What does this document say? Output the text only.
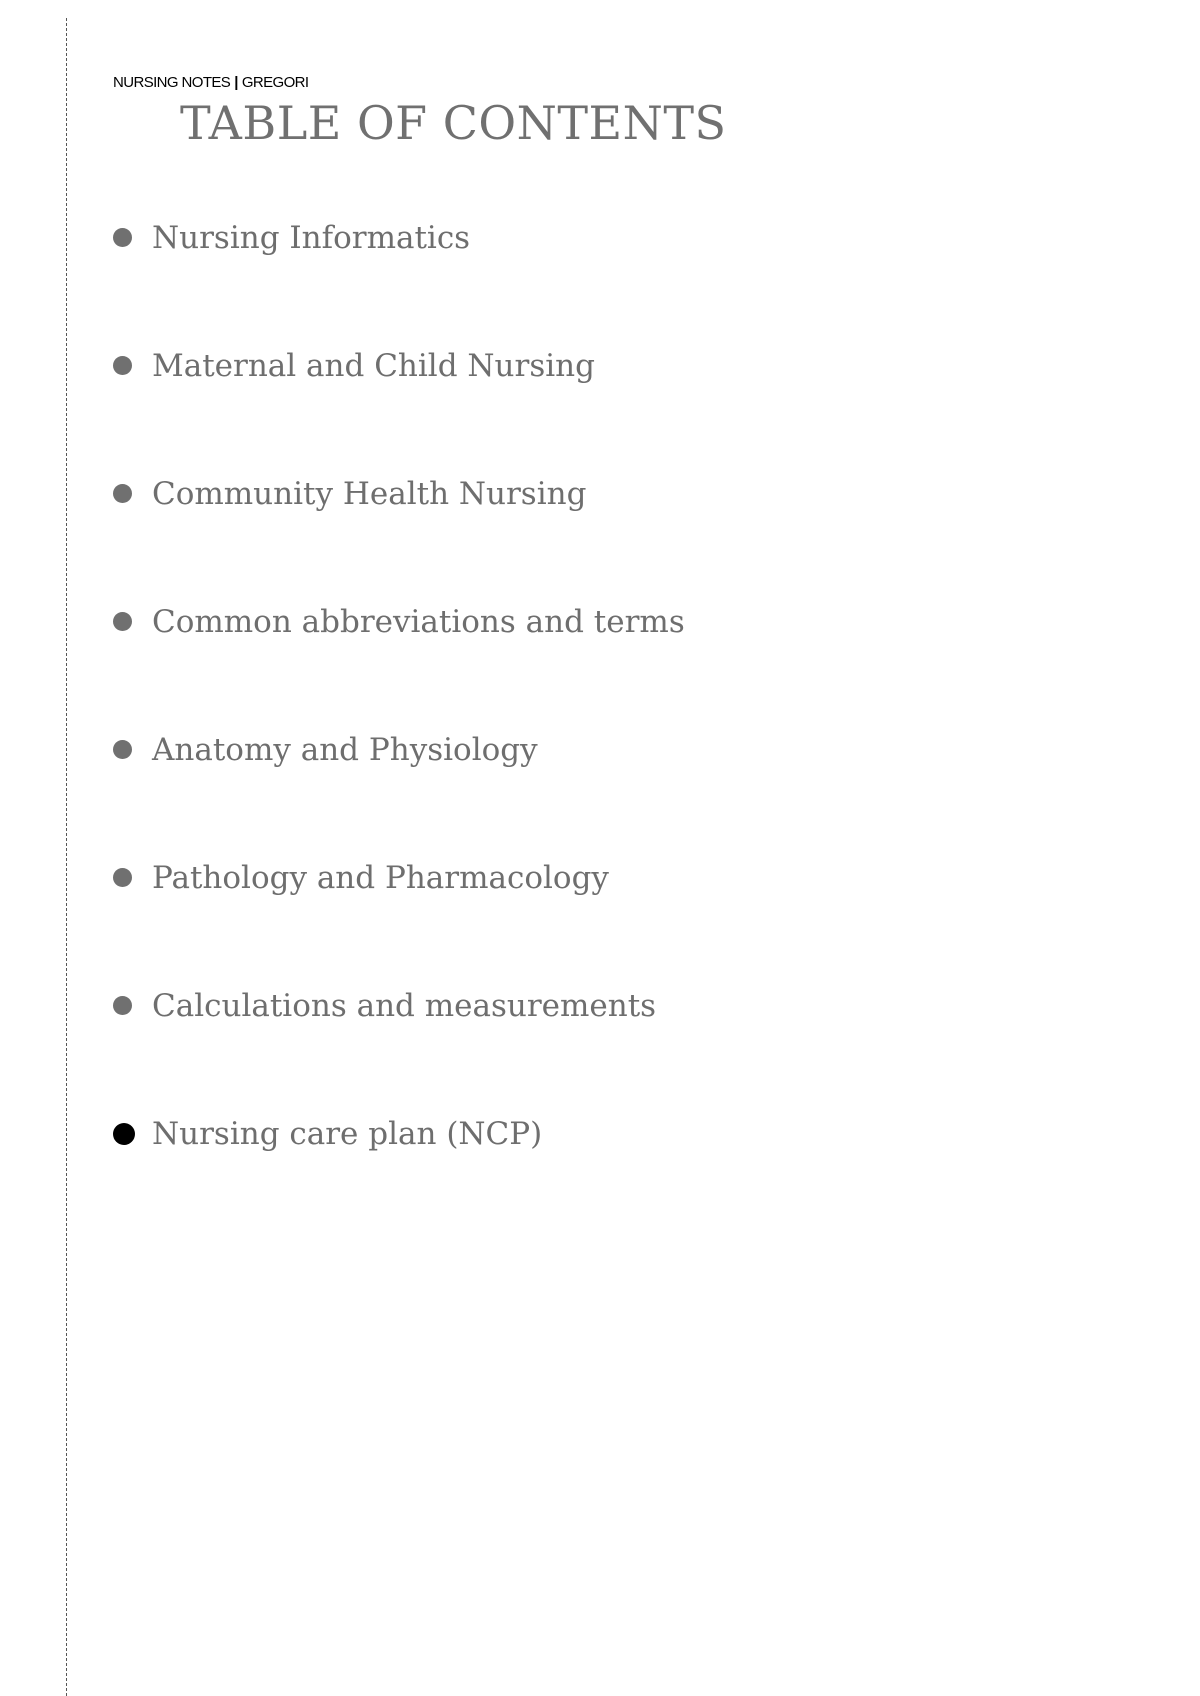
NURSING NOTES | GREGORI
TABLE OF CONTENTS
Nursing Informatics
Maternal and Child Nursing
Community Health Nursing
Common abbreviations and terms
Anatomy and Physiology
Pathology and Pharmacology
Calculations and measurements
Nursing care plan (NCP)
